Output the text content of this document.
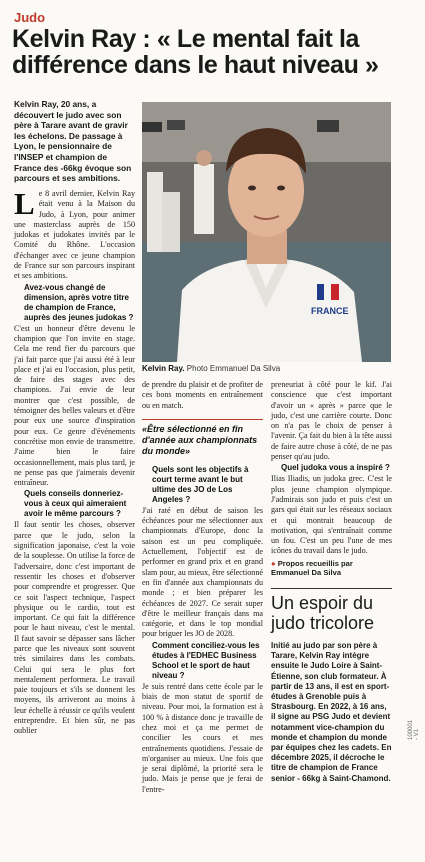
Judo
Kelvin Ray : « Le mental fait la différence dans le haut niveau »
Kelvin Ray, 20 ans, a découvert le judo avec son père à Tarare avant de gravir les échelons. De passage à Lyon, le pensionnaire de l'INSEP et champion de France des -66kg évoque son parcours et ses ambitions.
FRANCE
Kelvin Ray. Photo Emmanuel Da Silva

Le 8 avril dernier, Kelvin Ray était venu à la Maison du Judo, à Lyon, pour animer une masterclass auprès de 150 judokas et judokates invités par le Comité du Rhône. L'occasion d'échanger avec ce jeune champion de France sur son parcours inspirant et ses ambitions.

Avez-vous changé de dimension, après votre titre de champion de France, auprès des jeunes judokas ?

C'est un honneur d'être devenu le champion que l'on invite en stage. Cela me rend fier du parcours que j'ai fait parce que j'ai aussi été à leur place et j'ai eu l'occasion, plus petit, de faire des stages avec des champions. J'ai envie de leur montrer que c'est possible, de témoigner des belles valeurs et d'être pour eux une source d'inspiration pour eux. Ce genre d'événements concrétise mon envie de transmettre. J'aime bien le faire occasionnellement, mais plus tard, je ne pense pas que j'aimerais devenir entraîneur.

Quels conseils donneriez-vous à ceux qui aimeraient avoir le même parcours ?

Il faut sentir les choses, observer parce que le judo, selon la signification japonaise, c'est la voie de la souplesse. On utilise la force de l'adversaire, donc c'est important de ressentir les choses et d'observer pour comprendre et progresser. Que ce soit l'aspect technique, l'aspect physique ou le cardio, tout est important. Ce qui fait la différence pour le haut niveau, c'est le mental. Il faut savoir se dépasser sans lâcher parce que les niveaux sont souvent très similaires dans les combats. Celui qui sera le plus fort mentalement performera. Le travail paie toujours et s'ils se donnent les moyens, ils arriveront au moins à leur échelle à réussir ce qu'ils veulent entreprendre. Et bien sûr, ne pas oublier

de prendre du plaisir et de profiter de ces bons moments en entraînement ou en match.

«Être sélectionné en fin d'année aux championnats du monde»
Quels sont les objectifs à court terme avant le but ultime des JO de Los Angeles ?

J'ai raté en début de saison les échéances pour me sélectionner aux championnats d'Europe, donc la saison est un peu compliquée. Actuellement, l'objectif est de performer en grand prix et en grand slam pour, au mieux, être sélectionné en fin d'année aux championnats du monde ; et bien préparer les échéances de 2027. Ce serait super d'être le meilleur français dans ma catégorie, et dans le top mondial pour briguer les JO de 2028.

Comment conciliez-vous les études à l'EDHEC Business School et le sport de haut niveau ?

Je suis rentré dans cette école par le biais de mon statut de sportif de niveau. Pour moi, la formation est à 100 % à distance donc je travaille de chez moi et ça me permet de concilier les cours et mes entraînements quotidiens. J'essaie de m'organiser au mieux. Une fois que je serai diplômé, la priorité sera le judo. Mais je pense que je ferai de l'entre-

preneuriat à côté pour le kif. J'ai conscience que c'est important d'avoir un « après » parce que le judo, c'est une carrière courte. Donc on n'a pas le choix de penser à l'avenir. Ça fait du bien à la tête aussi de faire autre chose à côté, de ne pas penser qu'au judo.

Quel judoka vous a inspiré ?

Ilias Iliadis, un judoka grec. C'est le plus jeune champion olympique. J'admirais son judo et puis c'est un gars qui était sur les réseaux sociaux et qui montrait beaucoup de motivation, qui s'entraînait comme un fou. C'est un peu l'une de mes icônes du travail dans le judo.

● Propos recueillis par
Emmanuel Da Silva
Un espoir du judo tricolore
Initié au judo par son père à Tarare, Kelvin Ray intègre ensuite le Judo Loire à Saint-Étienne, son club formateur. À partir de 13 ans, il est en sport-études à Grenoble puis à Strasbourg. En 2022, à 16 ans, il signe au PSG Judo et devient notamment vice-champion du monde et champion du monde par équipes chez les cadets. En décembre 2025, il décroche le titre de champion de France senior - 66kg à Saint-Chamond.
100001 - V1
